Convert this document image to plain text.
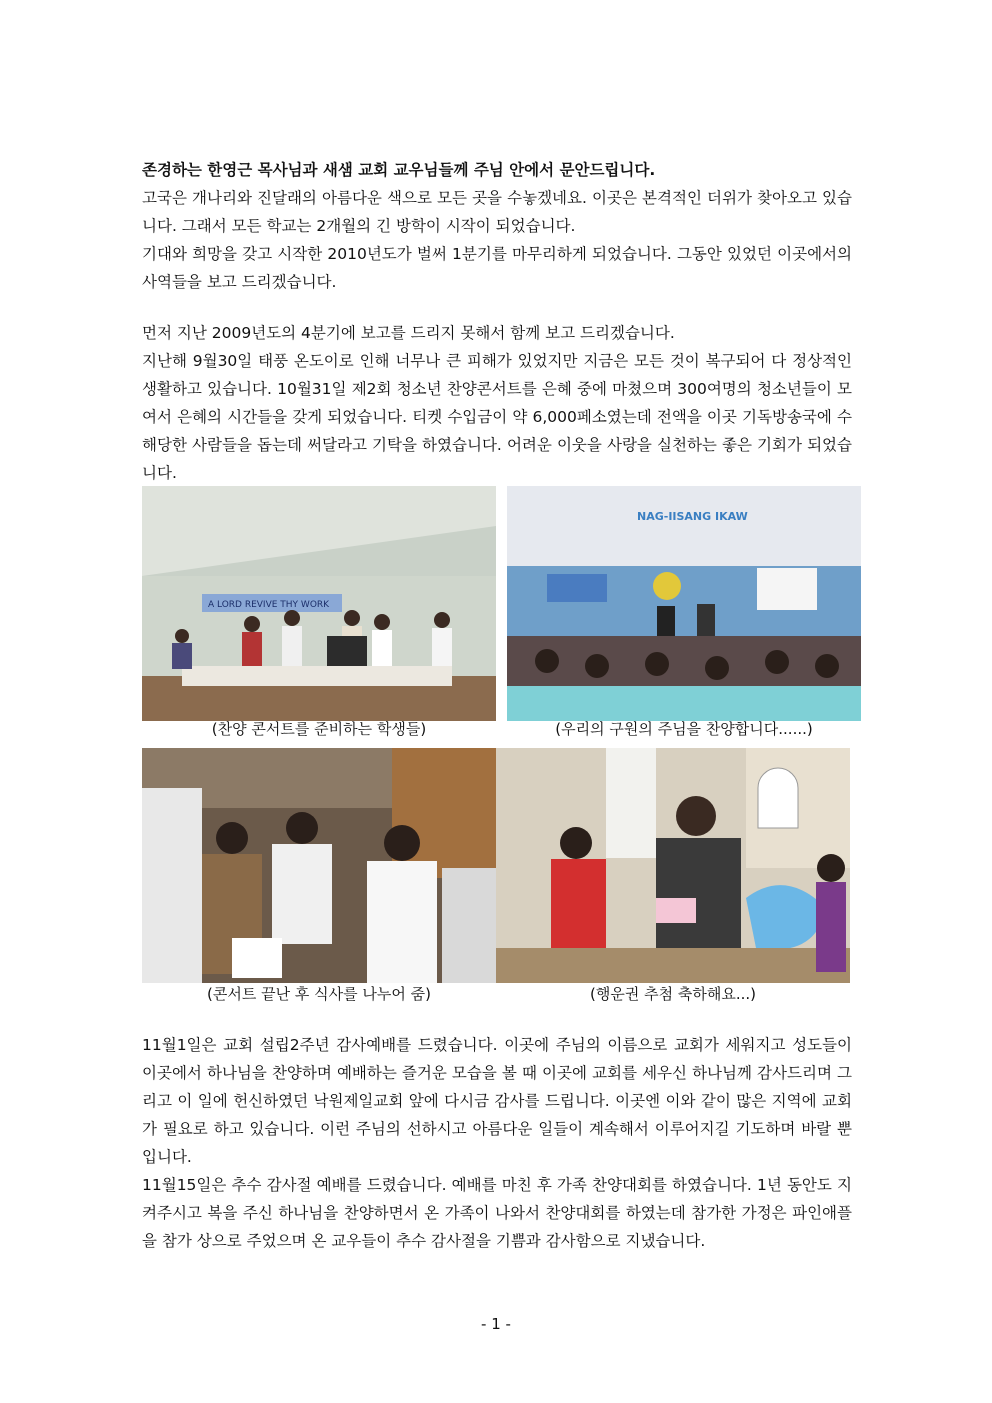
존경하는 한영근 목사님과 새샘 교회 교우님들께 주님 안에서 문안드립니다.

고국은 개나리와 진달래의 아름다운 색으로 모든 곳을 수놓겠네요. 이곳은 본격적인 더위가 찾아오고 있습니다. 그래서 모든 학교는 2개월의 긴 방학이 시작이 되었습니다.

기대와 희망을 갖고 시작한 2010년도가 벌써 1분기를 마무리하게 되었습니다. 그동안 있었던 이곳에서의 사역들을 보고 드리겠습니다.

먼저 지난 2009년도의 4분기에 보고를 드리지 못해서 함께 보고 드리겠습니다.

지난해 9월30일 태풍 온도이로 인해 너무나 큰 피해가 있었지만 지금은 모든 것이 복구되어 다 정상적인 생활하고 있습니다. 10월31일 제2회 청소년 찬양콘서트를 은혜 중에 마쳤으며 300여명의 청소년들이 모여서 은혜의 시간들을 갖게 되었습니다. 티켓 수입금이 약 6,000페소였는데 전액을 이곳 기독방송국에 수해당한 사람들을 돕는데 써달라고 기탁을 하였습니다. 어려운 이웃을 사랑을 실천하는 좋은 기회가 되었습니다.

A LORD REVIVE THY WORK
(찬양 콘서트를 준비하는 학생들)
NAG-IISANG IKAW
(우리의 구원의 주님을 찬양합니다......)
(콘서트 끝난 후 식사를 나누어 줌)	(행운권 추첨 축하해요...)

11월1일은 교회 설립2주년 감사예배를 드렸습니다. 이곳에 주님의 이름으로 교회가 세워지고 성도들이 이곳에서 하나님을 찬양하며 예배하는 즐거운 모습을 볼 때 이곳에 교회를 세우신 하나님께 감사드리며 그리고 이 일에 헌신하였던 낙원제일교회 앞에 다시금 감사를 드립니다. 이곳엔 이와 같이 많은 지역에 교회가 필요로 하고 있습니다. 이런 주님의 선하시고 아름다운 일들이 계속해서 이루어지길 기도하며 바랄 뿐입니다.

11월15일은 추수 감사절 예배를 드렸습니다. 예배를 마친 후 가족 찬양대회를 하였습니다. 1년 동안도 지켜주시고 복을 주신 하나님을 찬양하면서 온 가족이 나와서 찬양대회를 하였는데 참가한 가정은 파인애플을 참가 상으로 주었으며 온 교우들이 추수 감사절을 기쁨과 감사함으로 지냈습니다.

- 1 -
